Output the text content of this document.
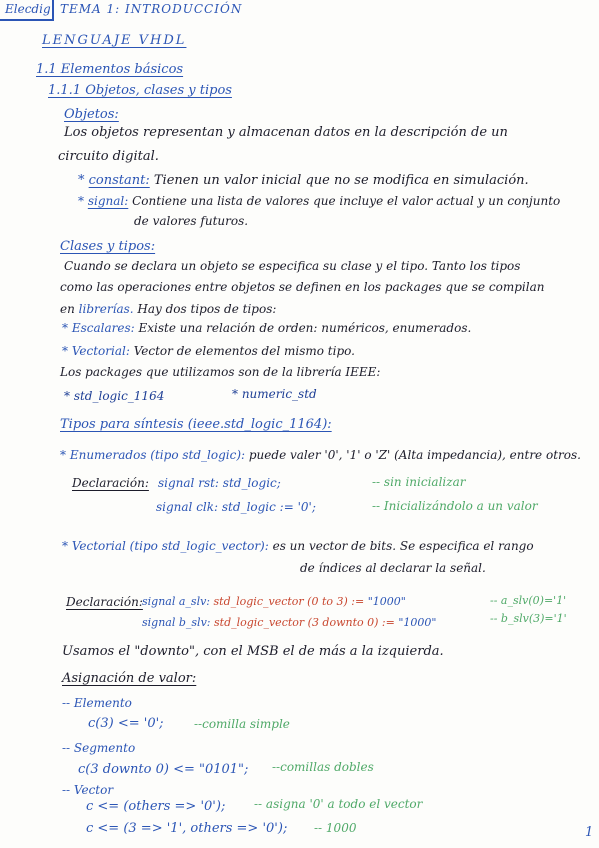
Elecdig TEMA 1: INTRODUCCIÓN
LENGUAJE VHDL
1.1 Elementos básicos
1.1.1 Objetos, clases y tipos
Objetos:
Los objetos representan y almacenan datos en la descripción de un
circuito digital.
* constant: Tienen un valor inicial que no se modifica en simulación.
* signal: Contiene una lista de valores que incluye el valor actual y un conjunto
de valores futuros.
Clases y tipos:
Cuando se declara un objeto se especifica su clase y el tipo. Tanto los tipos
como las operaciones entre objetos se definen en los packages que se compilan
en librerías. Hay dos tipos de tipos:
* Escalares: Existe una relación de orden: numéricos, enumerados.
* Vectorial: Vector de elementos del mismo tipo.
Los packages que utilizamos son de la librería IEEE:
* std_logic_1164	* numeric_std
Tipos para síntesis (ieee.std_logic_1164):
* Enumerados (tipo std_logic): puede valer '0', '1' o 'Z' (Alta impedancia), entre otros.
Declaración: signal rst: std_logic;	-- sin inicializar
signal clk: std_logic := '0';	-- Inicializándolo a un valor
* Vectorial (tipo std_logic_vector): es un vector de bits. Se especifica el rango
de índices al declarar la señal.
Declaración: signal a_slv: std_logic_vector (0 to 3) := "1000"	-- a_slv(0)='1'
signal b_slv: std_logic_vector (3 downto 0) := "1000"	-- b_slv(3)='1'
Usamos el "downto", con el MSB el de más a la izquierda.
Asignación de valor:
-- Elemento
c(3) <= '0';	--comilla simple
-- Segmento
c(3 downto 0) <= "0101"; --comillas dobles
-- Vector
c <= (others => '0'); -- asigna '0' a todo el vector
c <= (3 => '1', others => '0'); -- 1000	1
